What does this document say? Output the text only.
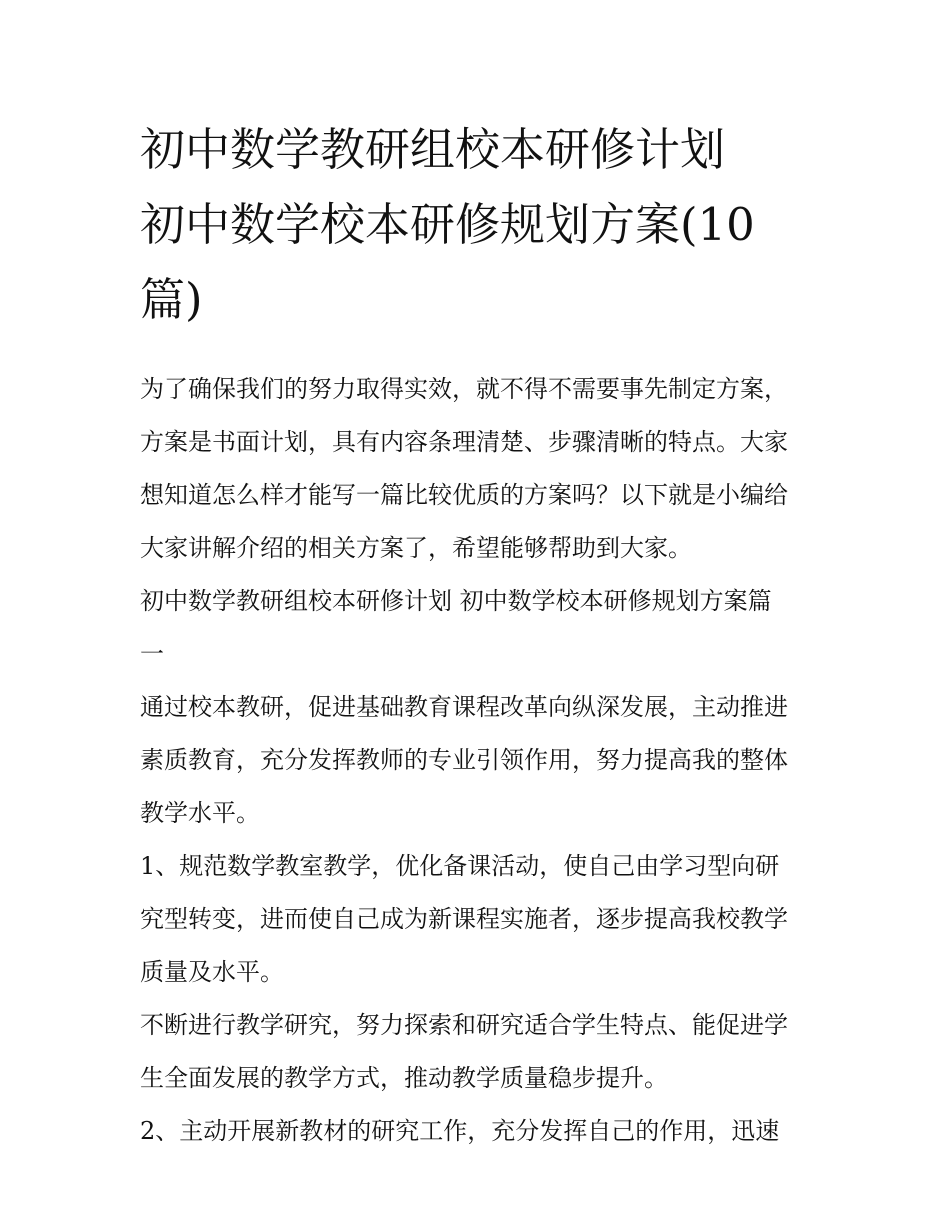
初中数学教研组校本研修计划
初中数学校本研修规划方案(10
篇)

为了确保我们的努力取得实效，就不得不需要事先制定方案，
方案是书面计划，具有内容条理清楚、步骤清晰的特点。大家
想知道怎么样才能写一篇比较优质的方案吗？以下就是小编给
大家讲解介绍的相关方案了，希望能够帮助到大家。

初中数学教研组校本研修计划 初中数学校本研修规划方案篇
一

通过校本教研，促进基础教育课程改革向纵深发展，主动推进
素质教育，充分发挥教师的专业引领作用，努力提高我的整体
教学水平。

1、规范数学教室教学，优化备课活动，使自己由学习型向研
究型转变，进而使自己成为新课程实施者，逐步提高我校教学
质量及水平。

不断进行教学研究，努力探索和研究适合学生特点、能促进学
生全面发展的教学方式，推动教学质量稳步提升。

2、主动开展新教材的研究工作，充分发挥自己的作用，迅速
